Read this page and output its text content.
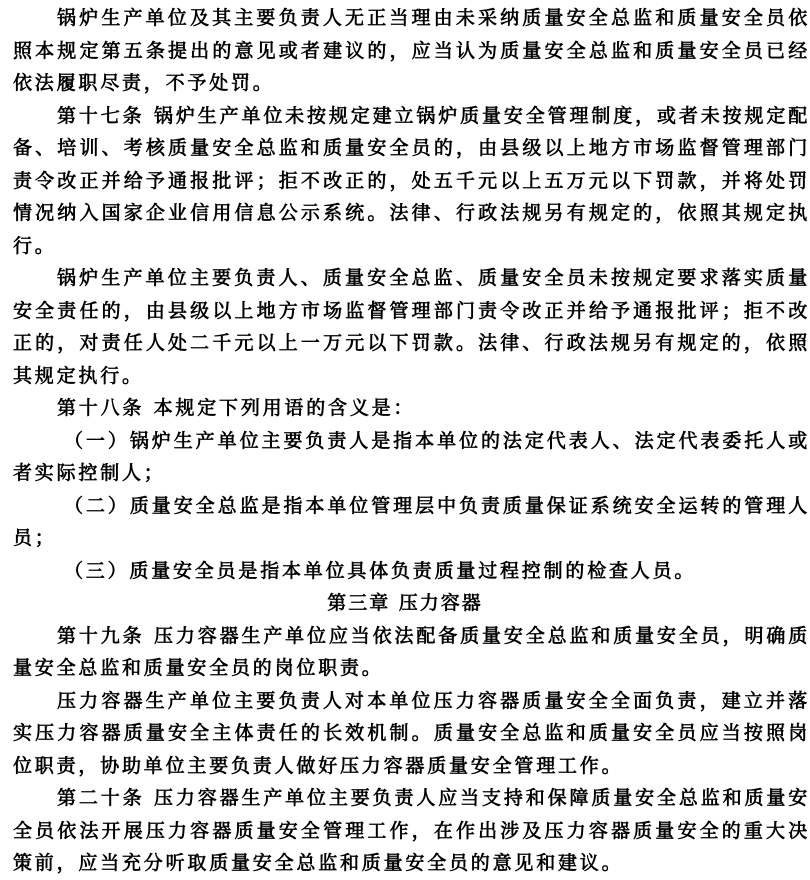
锅炉生产单位及其主要负责人无正当理由未采纳质量安全总监和质量安全员依照本规定第五条提出的意见或者建议的，应当认为质量安全总监和质量安全员已经依法履职尽责，不予处罚。

第十七条 锅炉生产单位未按规定建立锅炉质量安全管理制度，或者未按规定配备、培训、考核质量安全总监和质量安全员的，由县级以上地方市场监督管理部门责令改正并给予通报批评；拒不改正的，处五千元以上五万元以下罚款，并将处罚情况纳入国家企业信用信息公示系统。法律、行政法规另有规定的，依照其规定执行。

锅炉生产单位主要负责人、质量安全总监、质量安全员未按规定要求落实质量安全责任的，由县级以上地方市场监督管理部门责令改正并给予通报批评；拒不改正的，对责任人处二千元以上一万元以下罚款。法律、行政法规另有规定的，依照其规定执行。

第十八条 本规定下列用语的含义是：

（一）锅炉生产单位主要负责人是指本单位的法定代表人、法定代表委托人或者实际控制人；

（二）质量安全总监是指本单位管理层中负责质量保证系统安全运转的管理人员；

（三）质量安全员是指本单位具体负责质量过程控制的检查人员。

第三章 压力容器

第十九条 压力容器生产单位应当依法配备质量安全总监和质量安全员，明确质量安全总监和质量安全员的岗位职责。

压力容器生产单位主要负责人对本单位压力容器质量安全全面负责，建立并落实压力容器质量安全主体责任的长效机制。质量安全总监和质量安全员应当按照岗位职责，协助单位主要负责人做好压力容器质量安全管理工作。

第二十条 压力容器生产单位主要负责人应当支持和保障质量安全总监和质量安全员依法开展压力容器质量安全管理工作，在作出涉及压力容器质量安全的重大决策前，应当充分听取质量安全总监和质量安全员的意见和建议。
